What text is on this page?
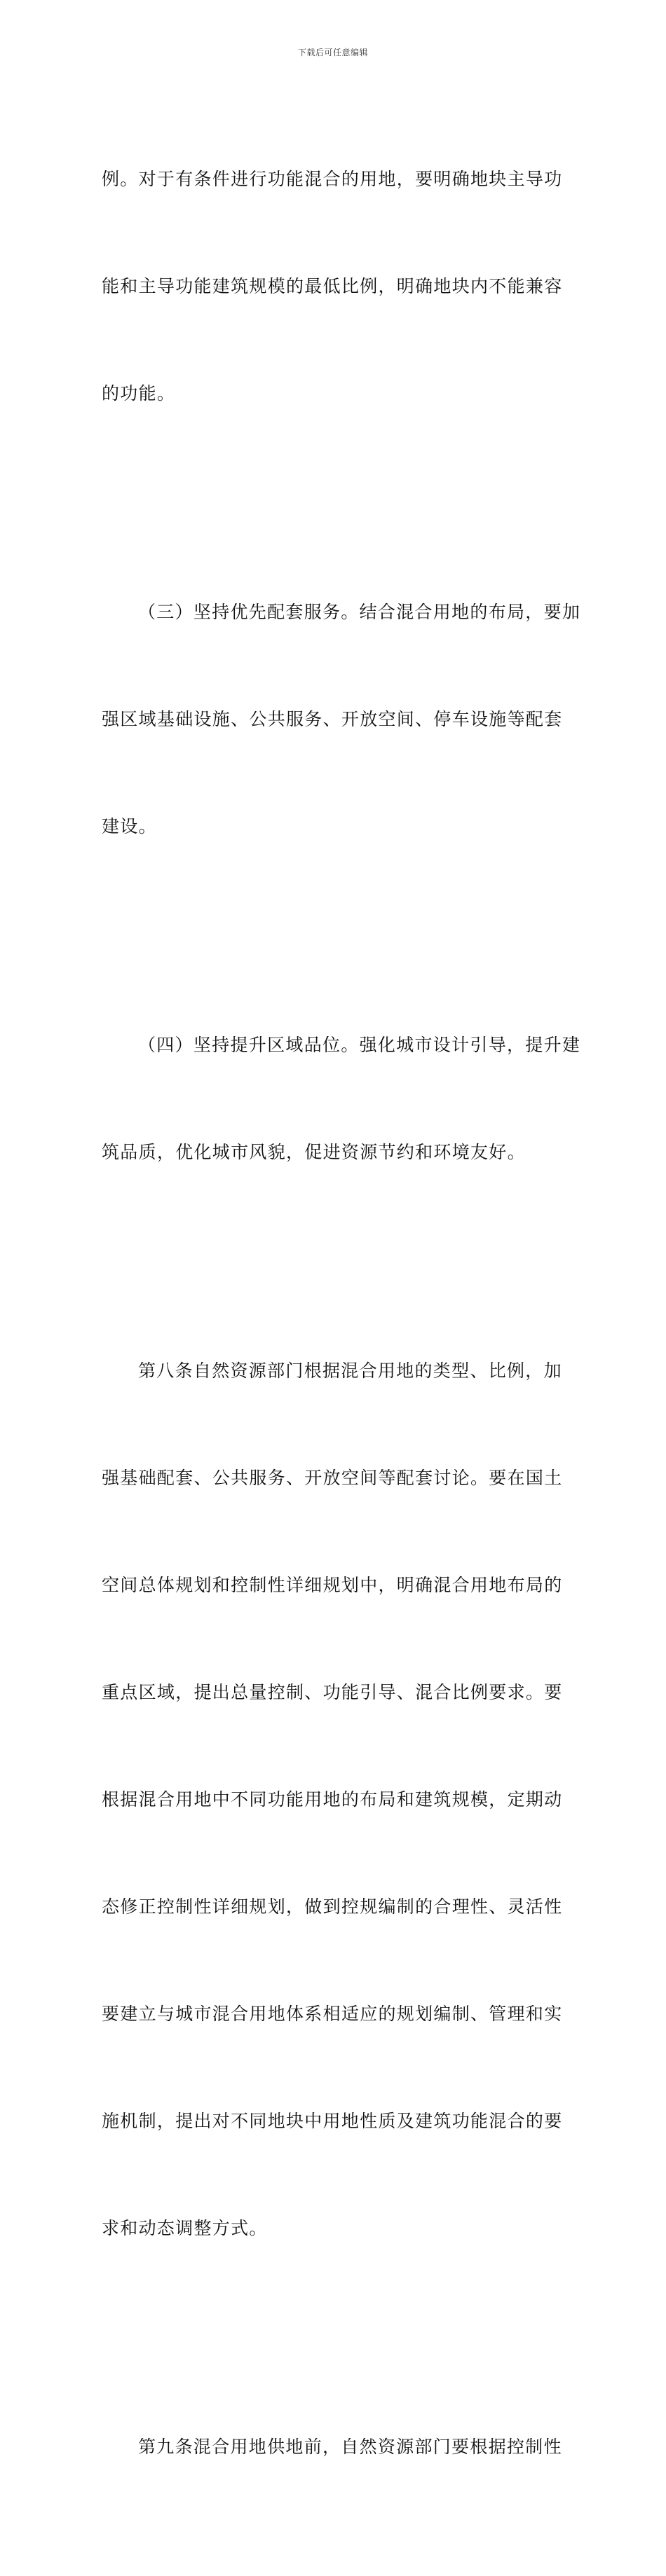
下载后可任意编辑

例。对于有条件进行功能混合的用地，要明确地块主导功

能和主导功能建筑规模的最低比例，明确地块内不能兼容

的功能。

（三）坚持优先配套服务。结合混合用地的布局，要加

强区域基础设施、公共服务、开放空间、停车设施等配套

建设。

（四）坚持提升区域品位。强化城市设计引导，提升建

筑品质，优化城市风貌，促进资源节约和环境友好。

第八条自然资源部门根据混合用地的类型、比例，加

强基础配套、公共服务、开放空间等配套讨论。要在国土

空间总体规划和控制性详细规划中，明确混合用地布局的

重点区域，提出总量控制、功能引导、混合比例要求。要

根据混合用地中不同功能用地的布局和建筑规模，定期动

态修正控制性详细规划，做到控规编制的合理性、灵活性

要建立与城市混合用地体系相适应的规划编制、管理和实

施机制，提出对不同地块中用地性质及建筑功能混合的要

求和动态调整方式。

第九条混合用地供地前，自然资源部门要根据控制性
